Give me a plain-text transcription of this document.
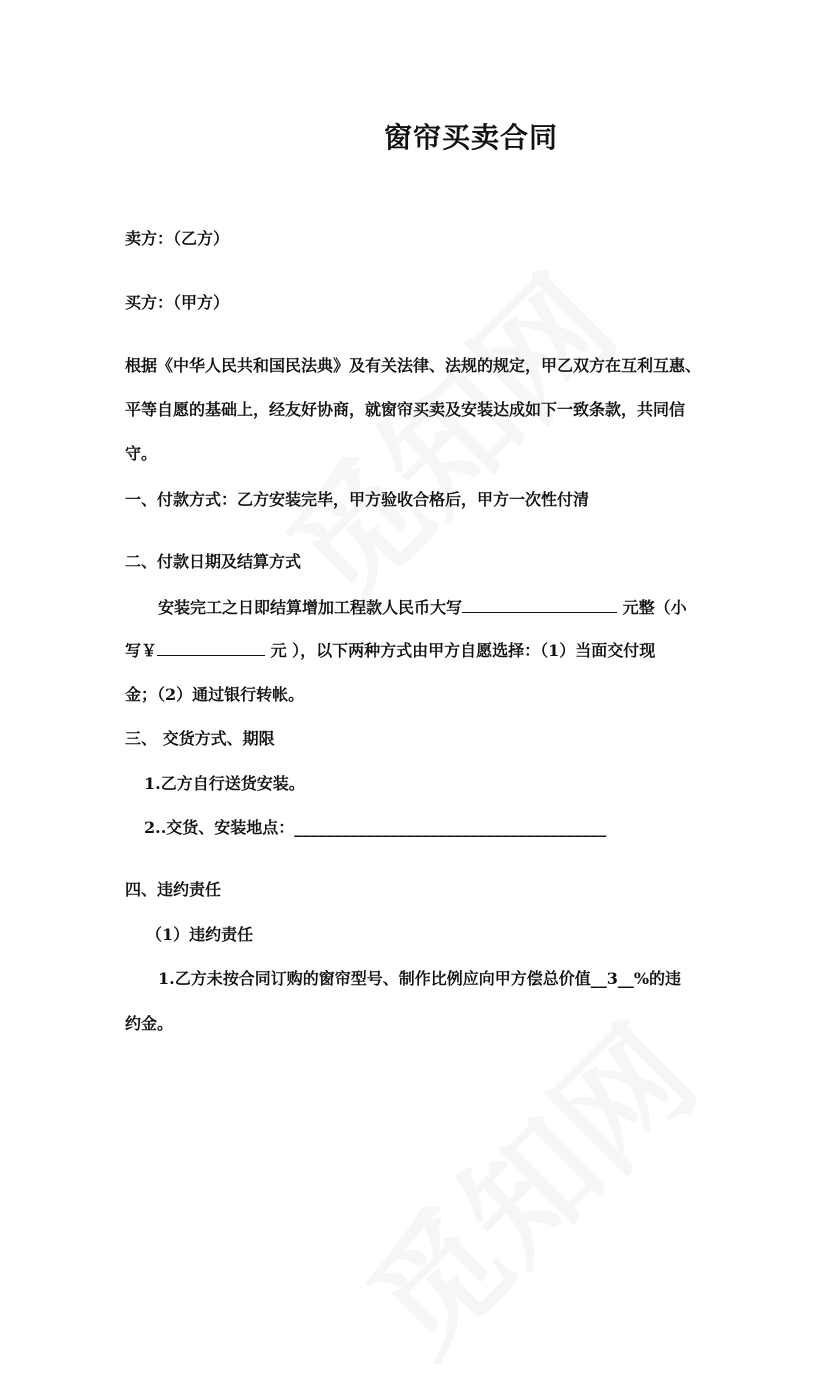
窗帘买卖合同
卖方：（乙方）
买方：（甲方）
根据《中华人民共和国民法典》及有关法律、法规的规定，甲乙双方在互利互惠、
平等自愿的基础上，经友好协商，就窗帘买卖及安装达成如下一致条款，共同信
守。
一、付款方式：乙方安装完毕，甲方验收合格后，甲方一次性付清
二、付款日期及结算方式
安装完工之日即结算增加工程款人民币大写	元整（小
写￥	元 ），以下两种方式由甲方自愿选择：（1）当面交付现
金；（2）通过银行转帐。
三、 交货方式、期限
1.乙方自行送货安装。
2..交货、安装地点：_______________________________________
四、违约责任
（1）违约责任
1.乙方未按合同订购的窗帘型号、制作比例应向甲方偿总价值__3__%的违
约金。
